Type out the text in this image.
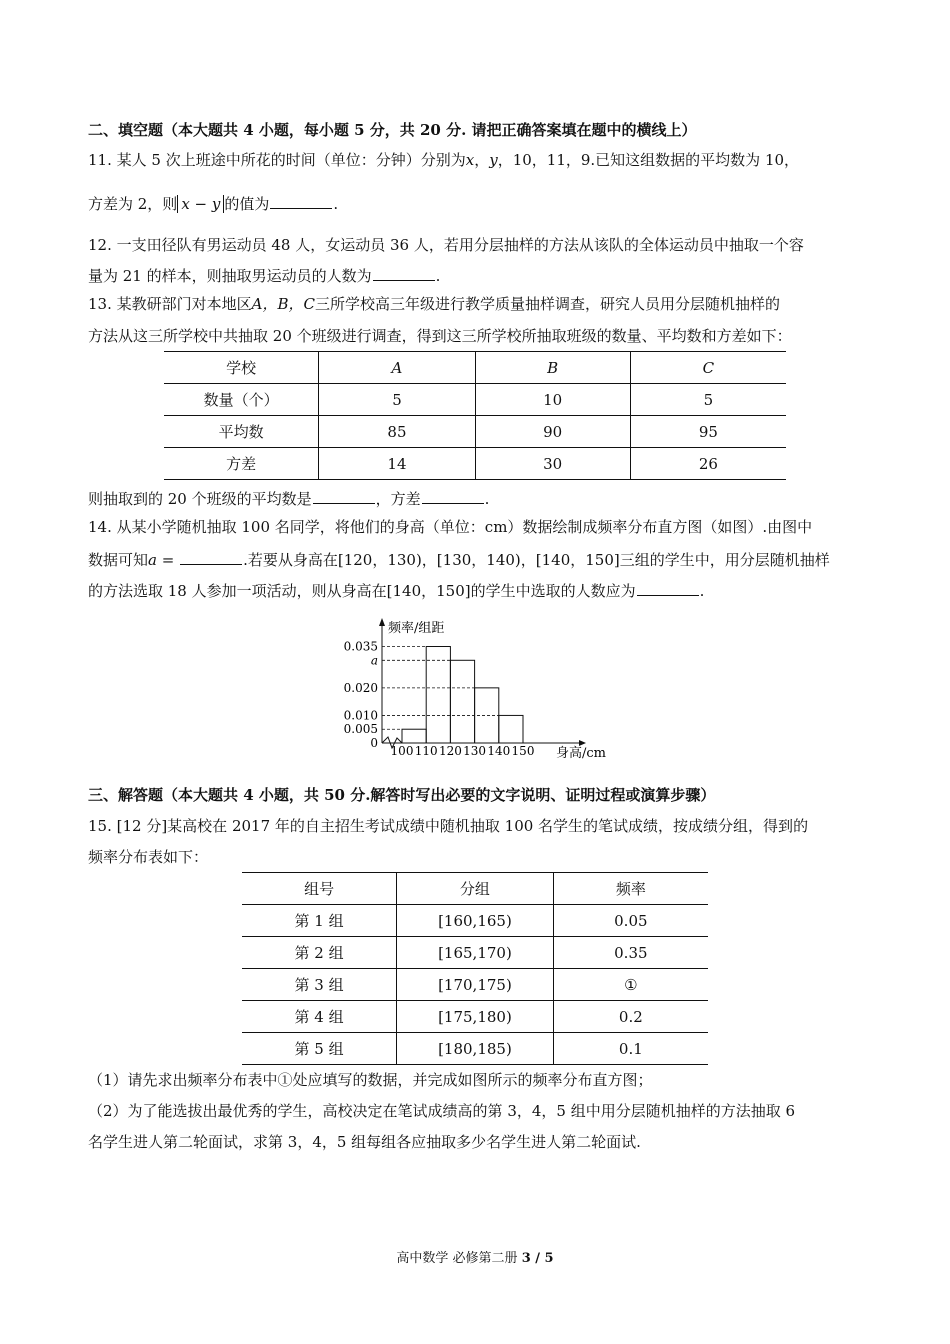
二、填空题（本大题共 4 小题，每小题 5 分，共 20 分. 请把正确答案填在题中的横线上）
11. 某人 5 次上班途中所花的时间（单位：分钟）分别为x，y，10，11，9.已知这组数据的平均数为 10，
方差为 2，则 x − y 的值为	.
12. 一支田径队有男运动员 48 人，女运动员 36 人，若用分层抽样的方法从该队的全体运动员中抽取一个容
量为 21 的样本，则抽取男运动员的人数为	.
13. 某教研部门对本地区A，B，C三所学校高三年级进行教学质量抽样调查，研究人员用分层随机抽样的
方法从这三所学校中共抽取 20 个班级进行调查，得到这三所学校所抽取班级的数量、平均数和方差如下：
学校	A	B	C
数量（个）	5	10	5
平均数	85	90	95
方差	14	30	26
则抽取到的 20 个班级的平均数是	，方差	.
14. 从某小学随机抽取 100 名同学，将他们的身高（单位：cm）数据绘制成频率分布直方图（如图）.由图中
数据可知a =	.若要从身高在[120，130)，[130，140)，[140，150]三组的学生中，用分层随机抽样
的方法选取 18 人参加一项活动，则从身高在[140，150]的学生中选取的人数应为	.
0
0.005
0.010
0.020
a
0.035
100 110 120 130 140 150
频率/组距
身高/cm
三、解答题（本大题共 4 小题，共 50 分.解答时写出必要的文字说明、证明过程或演算步骤）
15. [12 分]某高校在 2017 年的自主招生考试成绩中随机抽取 100 名学生的笔试成绩，按成绩分组，得到的
频率分布表如下：
组号	分组	频率
第 1 组	[160,165)	0.05
第 2 组	[165,170)	0.35
第 3 组	[170,175)	①
第 4 组	[175,180)	0.2
第 5 组	[180,185)	0.1
（1）请先求出频率分布表中①处应填写的数据，并完成如图所示的频率分布直方图；
（2）为了能选拔出最优秀的学生，高校决定在笔试成绩高的第 3，4，5 组中用分层随机抽样的方法抽取 6
名学生进人第二轮面试，求第 3，4，5 组每组各应抽取多少名学生进人第二轮面试.
高中数学 必修第二册 3 / 5
